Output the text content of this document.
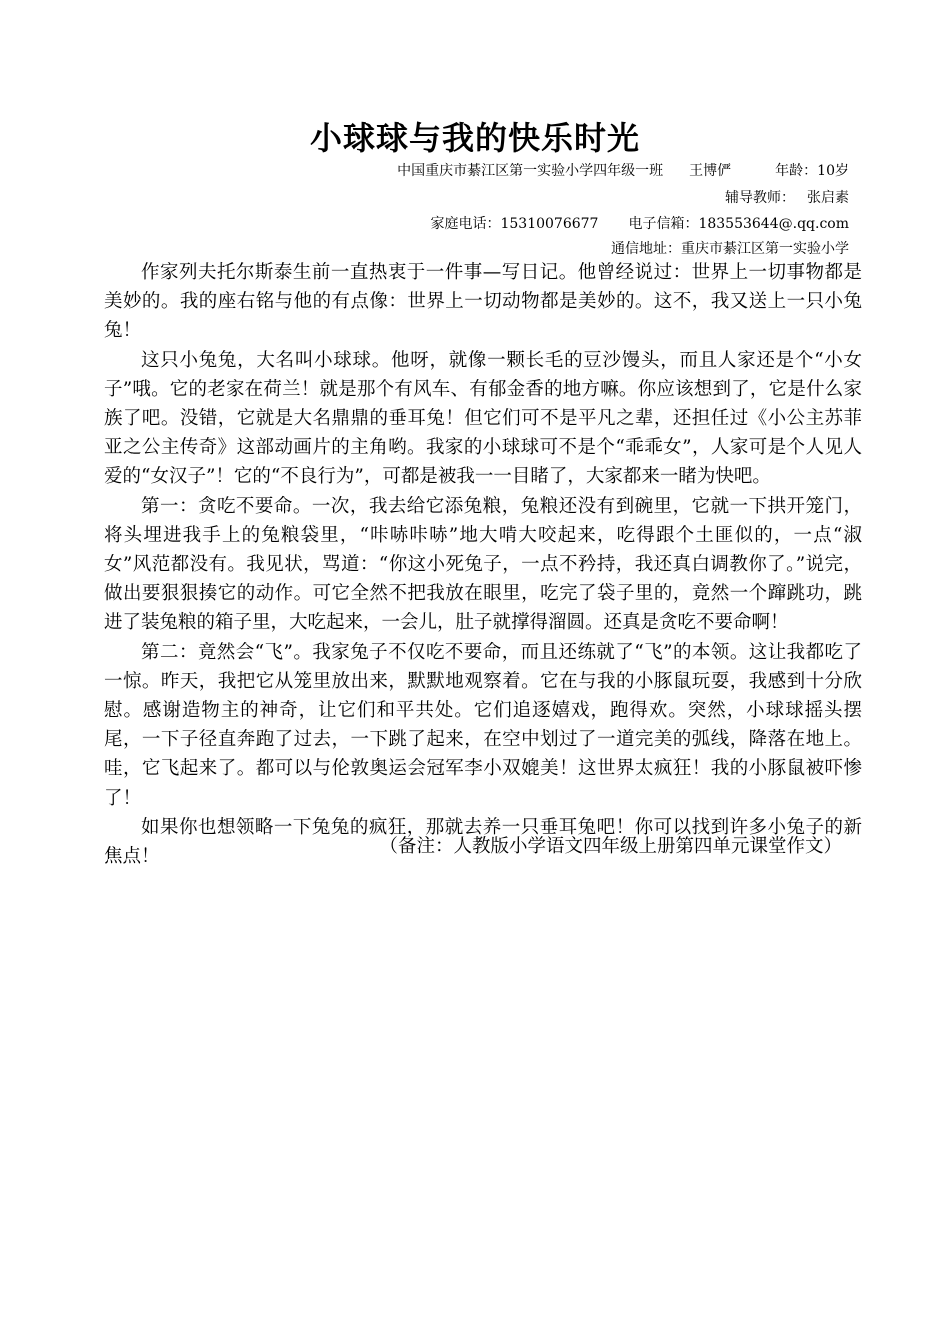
小球球与我的快乐时光
中国重庆市綦江区第一实验小学四年级一班 王博俨	年龄：10岁
辅导教师： 张启素
家庭电话：15310076677 电子信箱：183553644@.qq.com
通信地址：重庆市綦江区第一实验小学

作家列夫托尔斯泰生前一直热衷于一件事—写日记。他曾经说过：世界上一切事物都是美妙的。我的座右铭与他的有点像：世界上一切动物都是美妙的。这不，我又送上一只小兔兔！

这只小兔兔，大名叫小球球。他呀，就像一颗长毛的豆沙馒头，而且人家还是个“小女子”哦。它的老家在荷兰！就是那个有风车、有郁金香的地方嘛。你应该想到了，它是什么家族了吧。没错，它就是大名鼎鼎的垂耳兔！但它们可不是平凡之辈，还担任过《小公主苏菲亚之公主传奇》这部动画片的主角哟。我家的小球球可不是个“乖乖女”，人家可是个人见人爱的“女汉子”！它的“不良行为”，可都是被我一一目睹了，大家都来一睹为快吧。

第一：贪吃不要命。一次，我去给它添兔粮，兔粮还没有到碗里，它就一下拱开笼门，将头埋进我手上的兔粮袋里，“咔哧咔哧”地大啃大咬起来，吃得跟个土匪似的，一点“淑女”风范都没有。我见状，骂道：“你这小死兔子，一点不矜持，我还真白调教你了。”说完，做出要狠狠揍它的动作。可它全然不把我放在眼里，吃完了袋子里的，竟然一个蹿跳功，跳进了装兔粮的箱子里，大吃起来，一会儿，肚子就撑得溜圆。还真是贪吃不要命啊！

第二：竟然会“飞”。我家兔子不仅吃不要命，而且还练就了“飞”的本领。这让我都吃了一惊。昨天，我把它从笼里放出来，默默地观察着。它在与我的小豚鼠玩耍，我感到十分欣慰。感谢造物主的神奇，让它们和平共处。它们追逐嬉戏，跑得欢。突然，小球球摇头摆尾，一下子径直奔跑了过去，一下跳了起来，在空中划过了一道完美的弧线，降落在地上。哇，它飞起来了。都可以与伦敦奥运会冠军李小双媲美！这世界太疯狂！我的小豚鼠被吓惨了！

如果你也想领略一下兔兔的疯狂，那就去养一只垂耳兔吧！你可以找到许多小兔子的新焦点！	（备注：人教版小学语文四年级上册第四单元课堂作文）
